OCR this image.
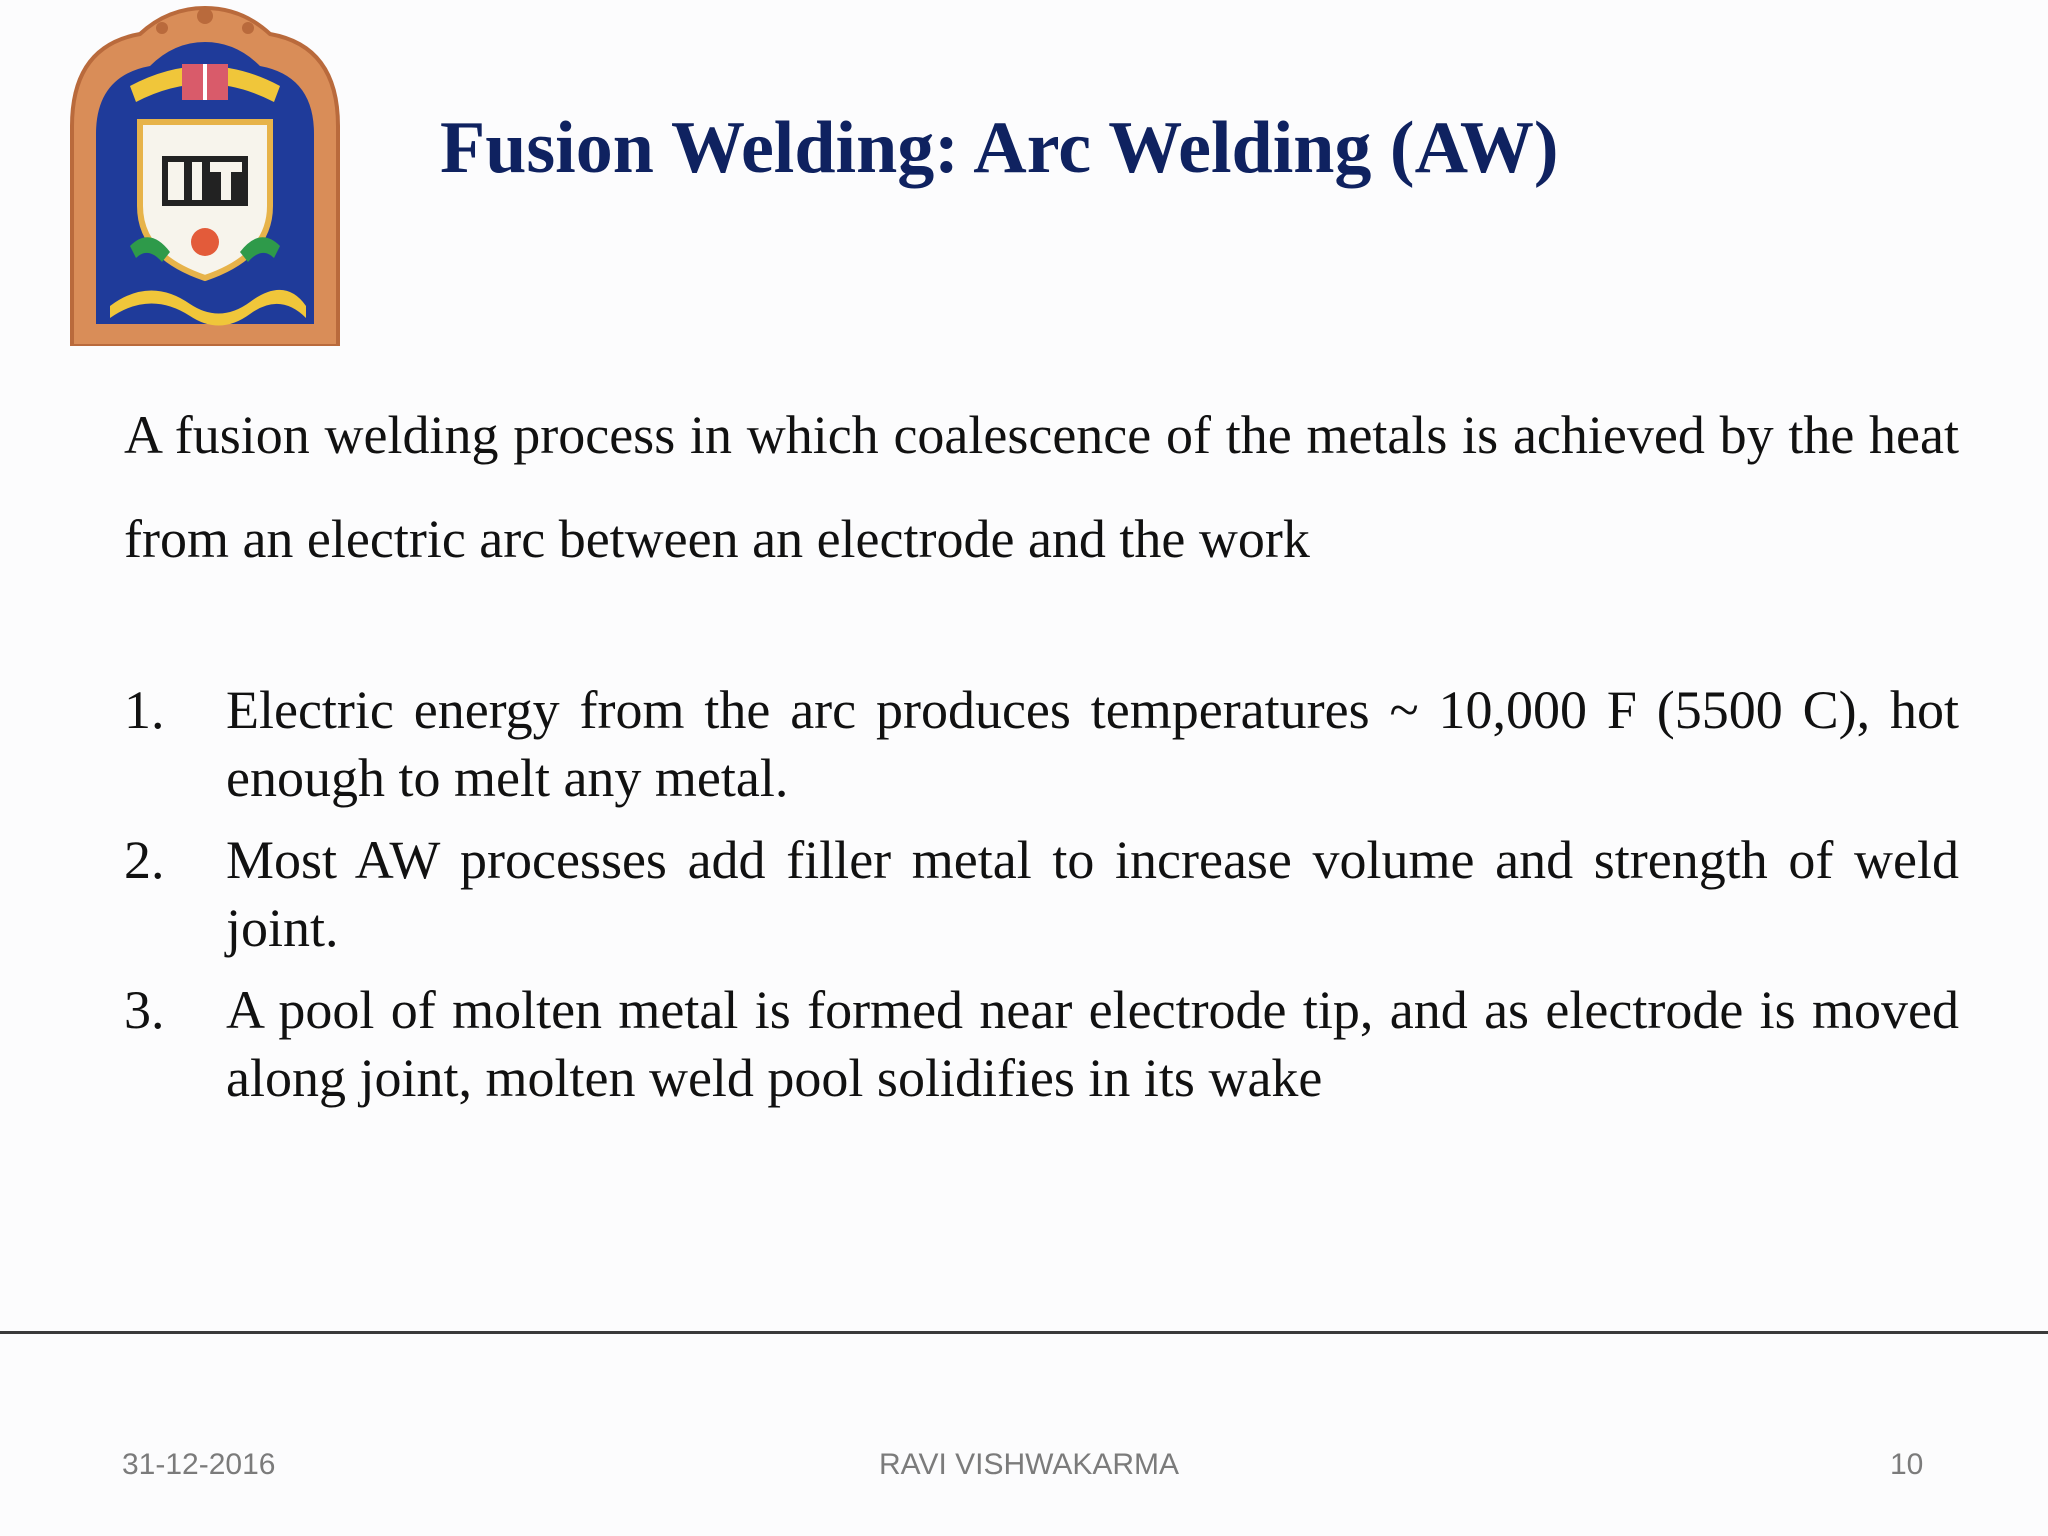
Fusion Welding: Arc Welding (AW)

A fusion welding process in which coalescence of the metals is achieved by the heat from an electric arc between an electrode and the work

1. Electric energy from the arc produces temperatures ~ 10,000 F (5500 C), hot enough to melt any metal.
2. Most AW processes add filler metal to increase volume and strength of weld joint.
3. A pool of molten metal is formed near electrode tip, and as electrode is moved along joint, molten weld pool solidifies in its wake
31-12-2016	RAVI VISHWAKARMA	10
